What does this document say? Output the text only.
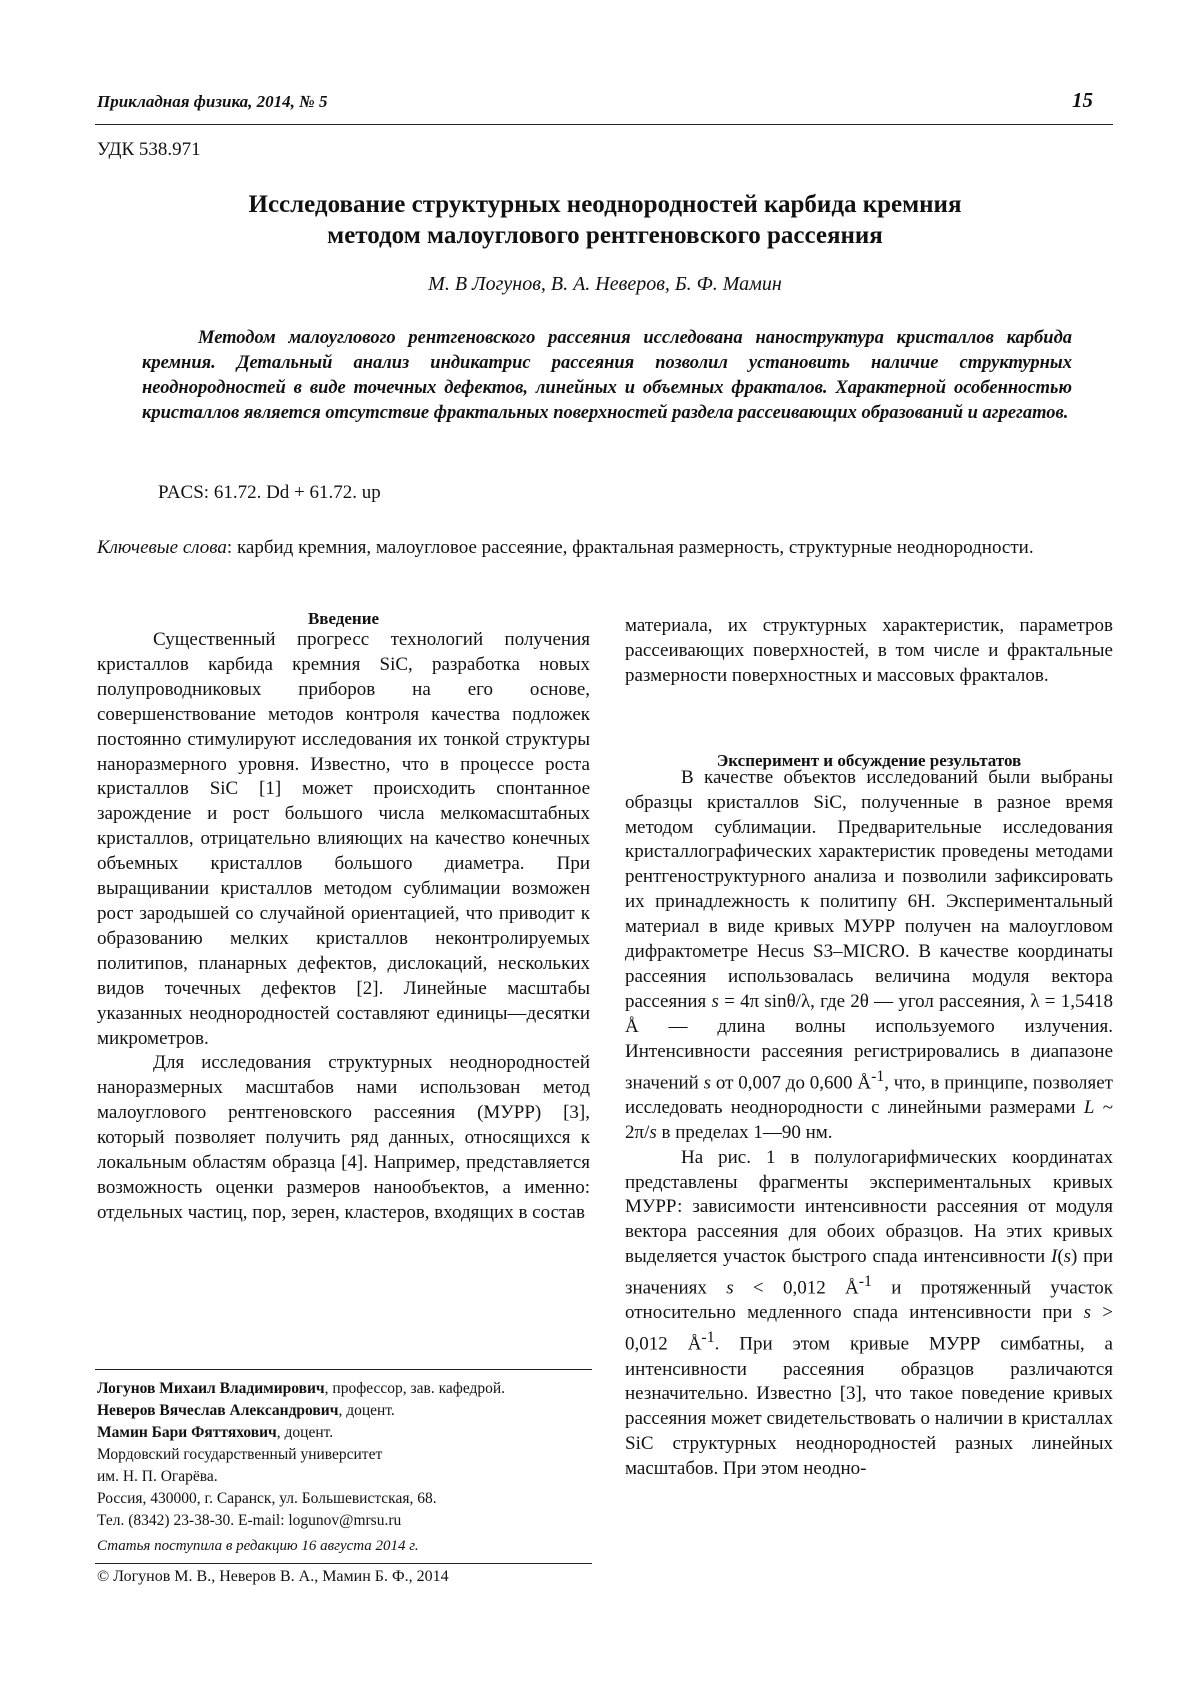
Прикладная физика, 2014, № 5	15
УДК 538.971
Исследование структурных неоднородностей карбида кремния
методом малоуглового рентгеновского рассеяния
М. В Логунов, В. А. Неверов, Б. Ф. Мамин

Методом малоуглового рентгеновского рассеяния исследована наноструктура кристаллов карбида кремния. Детальный анализ индикатрис рассеяния позволил установить наличие структурных неоднородностей в виде точечных дефектов, линейных и объемных фракталов. Характерной особенностью кристаллов является отсутствие фрактальных поверхностей раздела рассеивающих образований и агрегатов.

PACS: 61.72. Dd + 61.72. up

Ключевые слова: карбид кремния, малоугловое рассеяние, фрактальная размерность, структурные неоднородности.

Введение

Существенный прогресс технологий получения кристаллов карбида кремния SiC, разработка новых полупроводниковых приборов на его основе, совершенствование методов контроля качества подложек постоянно стимулируют исследования их тонкой структуры наноразмерного уровня. Известно, что в процессе роста кристаллов SiC [1] может происходить спонтанное зарождение и рост большого числа мелкомасштабных кристаллов, отрицательно влияющих на качество конечных объемных кристаллов большого диаметра. При выращивании кристаллов методом сублимации возможен рост зародышей со случайной ориентацией, что приводит к образованию мелких кристаллов неконтролируемых политипов, планарных дефектов, дислокаций, нескольких видов точечных дефектов [2]. Линейные масштабы указанных неоднородностей составляют единицы—десятки микрометров.

Для исследования структурных неоднородностей наноразмерных масштабов нами использован метод малоуглового рентгеновского рассеяния (МУРР) [3], который позволяет получить ряд данных, относящихся к локальным областям образца [4]. Например, представляется возможность оценки размеров нанообъектов, а именно: отдельных частиц, пор, зерен, кластеров, входящих в состав

материала, их структурных характеристик, параметров рассеивающих поверхностей, в том числе и фрактальные размерности поверхностных и массовых фракталов.

В качестве объектов исследований были выбраны образцы кристаллов SiC, полученные в разное время методом сублимации. Предварительные исследования кристаллографических характеристик проведены методами рентгеноструктурного анализа и позволили зафиксировать их принадлежность к политипу 6H. Экспериментальный материал в виде кривых МУРР получен на малоугловом дифрактометре Hecus S3–MICRO. В качестве координаты рассеяния использовалась величина модуля вектора рассеяния s = 4π sinθ/λ, где 2θ — угол рассеяния, λ = 1,5418 Å — длина волны используемого излучения. Интенсивности рассеяния регистрировались в диапазоне значений s от 0,007 до 0,600 $Å^{-1}$, что, в принципе, позволяет исследовать неоднородности с линейными размерами L ~ 2π/s в пределах 1—90 нм.

На рис. 1 в полулогарифмических координатах представлены фрагменты экспериментальных кривых МУРР: зависимости интенсивности рассеяния от модуля вектора рассеяния для обоих образцов. На этих кривых выделяется участок быстрого спада интенсивности I(s) при значениях s < 0,012 $Å^{-1}$ и протяженный участок относительно медленного спада интенсивности при s > 0,012 $Å^{-1}$. При этом кривые МУРР симбатны, а интенсивности рассеяния образцов различаются незначительно. Известно [3], что такое поведение кривых рассеяния может свидетельствовать о наличии в кристаллах SiC структурных неоднородностей разных линейных масштабов. При этом неодно-

Эксперимент и обсуждение результатов
Логунов Михаил Владимирович, профессор, зав. кафедрой.
Неверов Вячеслав Александрович, доцент.
Мамин Бари Фяттяхович, доцент.
Мордовский государственный университет
им. Н. П. Огарёва.
Россия, 430000, г. Саранск, ул. Большевистская, 68.
Тел. (8342) 23-38-30. E-mail: logunov@mrsu.ru
Статья поступила в редакцию 16 августа 2014 г.
© Логунов М. В., Неверов В. А., Мамин Б. Ф., 2014
